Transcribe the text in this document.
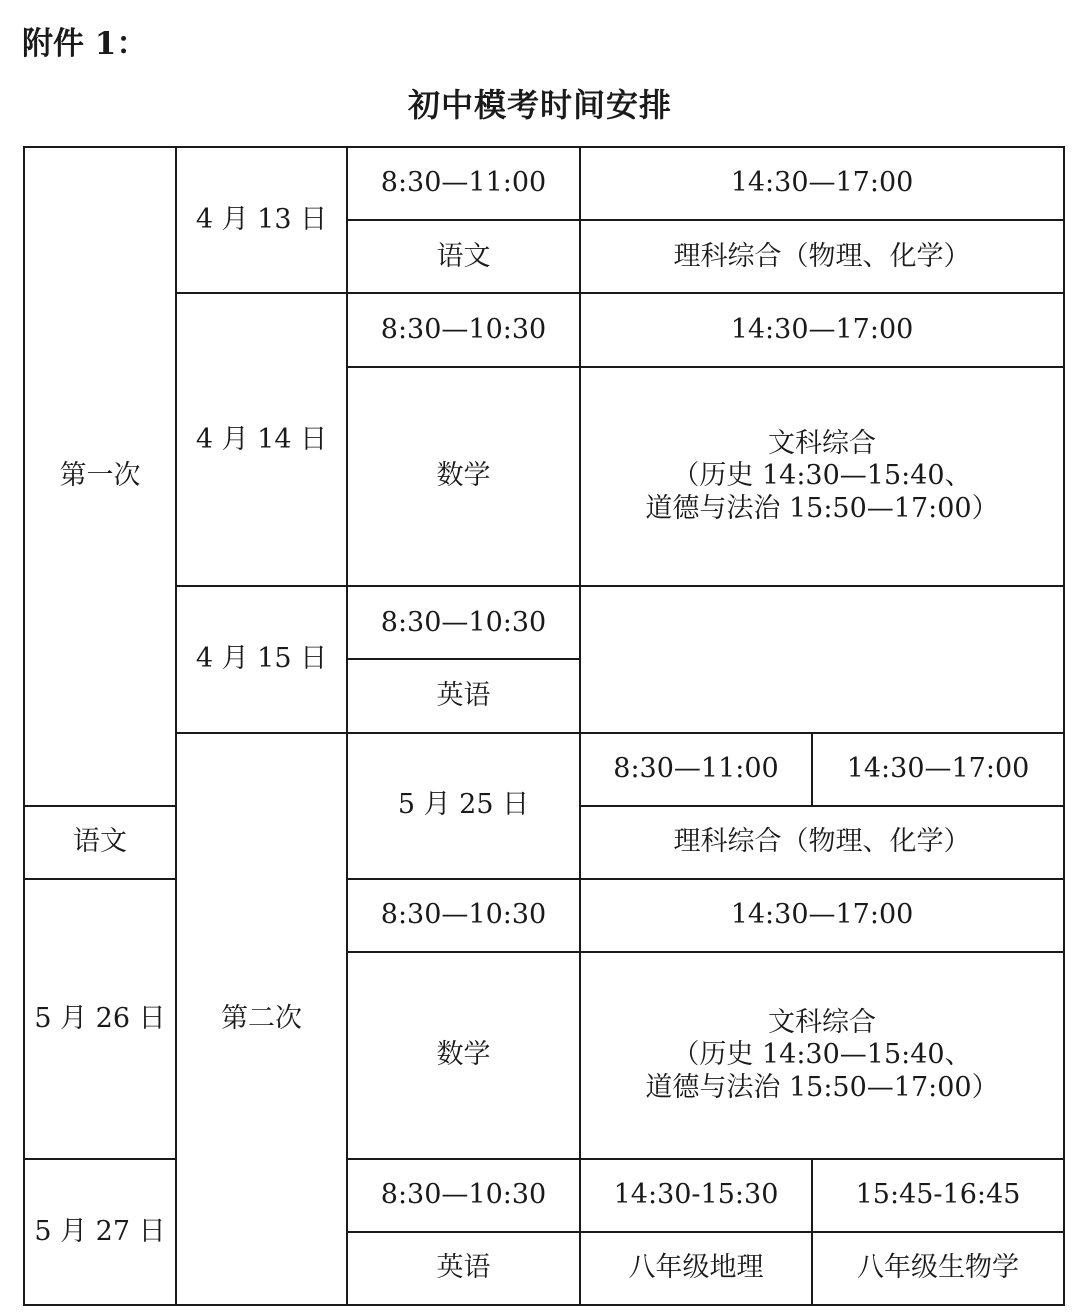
附件 1：
初中模考时间安排
第一次	4 月 13 日	8:30—11:00	14:30—17:00	
		语文	理科综合（物理、化学）	
	4 月 14 日	8:30—10:30	14:30—17:00	
		数学	文科综合
（历史 14:30—15:40、
道德与法治 15:50—17:00）	

	4 月 15 日	8:30—10:30		
		英语		
	第二次	5 月 25 日	8:30—11:00	14:30—17:00
语文			理科综合（物理、化学）	
5 月 26 日		8:30—10:30	14:30—17:00	
		数学	文科综合
（历史 14:30—15:40、
道德与法治 15:50—17:00）	

5 月 27 日		8:30—10:30	14:30-15:30	15:45-16:45
		英语	八年级地理	八年级生物学
